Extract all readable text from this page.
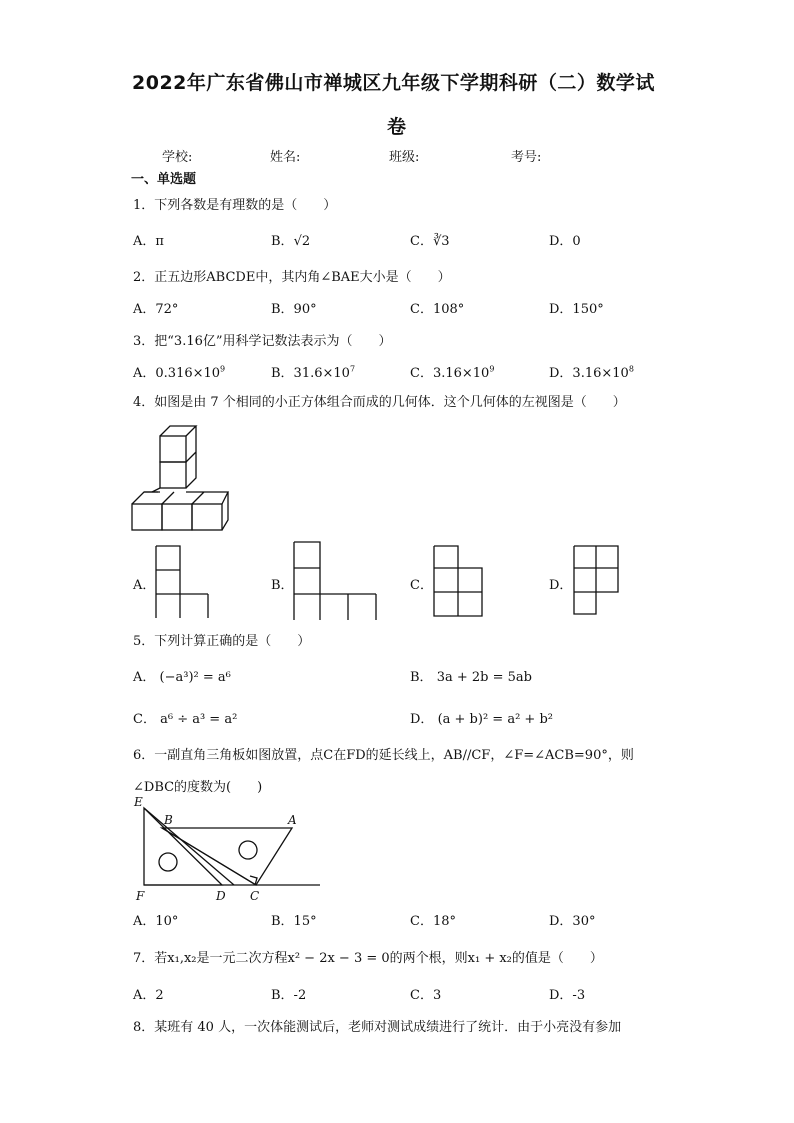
2022年广东省佛山市禅城区九年级下学期科研（二）数学试
卷
学校:	姓名:	班级:	考号:
一、单选题
1．下列各数是有理数的是（　　）
A．π	B．√2	C．∛3	D．0
2．正五边形ABCDE中，其内角∠BAE大小是（　　）
A．72°	B．90°	C．108°	D．150°
3．把“3.16亿”用科学记数法表示为（　　）
A．$0.316\times 10^9$	B．$31.6\times 10^7$	C．$3.16\times 10^9$	D．$3.16\times 10^8$
4．如图是由 7 个相同的小正方体组合而成的几何体．这个几何体的左视图是（　　）
A．	B．	C．	D．
5．下列计算正确的是（　　）
A． (−a³)² = a⁶	B． 3a + 2b = 5ab
C． a⁶ ÷ a³ = a²	D． (a + b)² = a² + b²
6．一副直角三角板如图放置，点C在FD的延长线上，AB//CF，∠F=∠ACB=90°，则
∠DBC的度数为(　　)
E
B	A
F	D C
A．10°	B．15°	C．18°	D．30°
7．若x₁,x₂是一元二次方程x² − 2x − 3 = 0的两个根，则x₁ + x₂的值是（　　）
A．2	B．-2	C．3	D．-3
8．某班有 40 人，一次体能测试后，老师对测试成绩进行了统计．由于小亮没有参加
